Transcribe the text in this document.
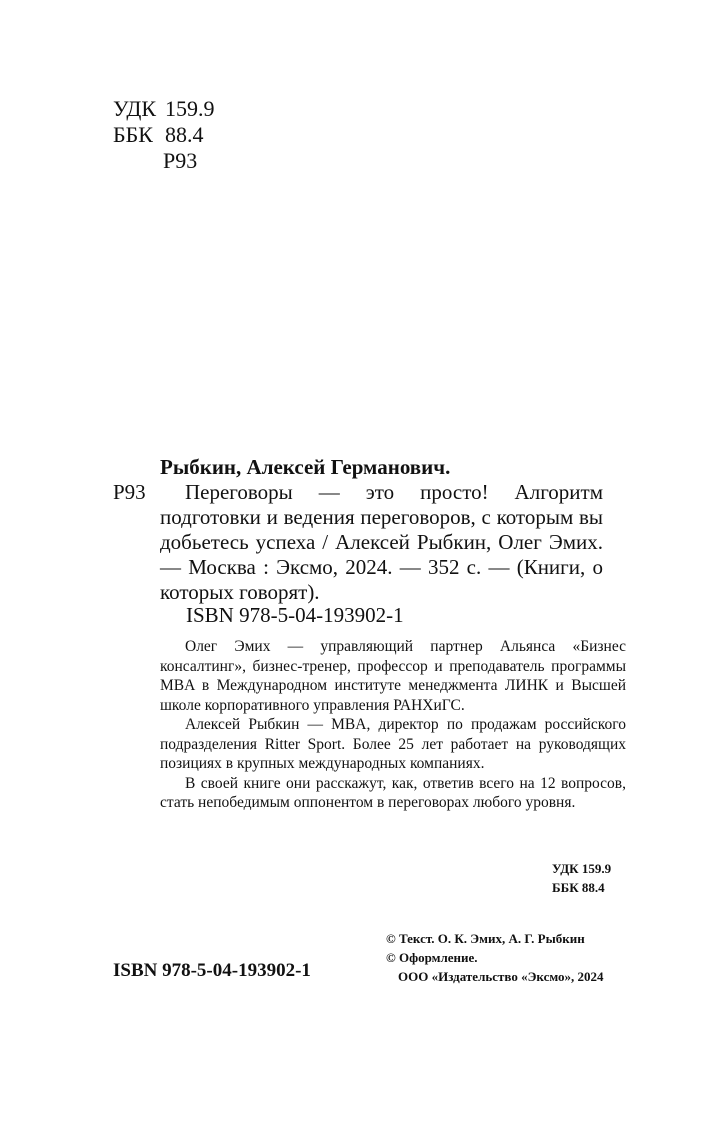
УДК 159.9
ББК 88.4
Р93
Рыбкин, Алексей Германович.
Р93	Переговоры — это просто! Алгоритм подготовки и ведения переговоров, с которым вы добьетесь успеха / Алексей Рыбкин, Олег Эмих. — Москва : Эксмо, 2024. — 352 с. — (Книги, о которых говорят).
ISBN 978-5-04-193902-1

Олег Эмих — управляющий партнер Альянса «Бизнес консалтинг», бизнес-тренер, профессор и преподаватель программы MBA в Международном институте менеджмента ЛИНК и Высшей школе корпоративного управления РАНХиГС.

Алексей Рыбкин — MBA, директор по продажам российского подразделения Ritter Sport. Более 25 лет работает на руководящих позициях в крупных международных компаниях.

В своей книге они расскажут, как, ответив всего на 12 вопросов, стать непобедимым оппонентом в переговорах любого уровня.

УДК 159.9
ББК 88.4
© Текст. О. К. Эмих, А. Г. Рыбкин
© Оформление.
ООО «Издательство «Эксмо», 2024
ISBN 978-5-04-193902-1
